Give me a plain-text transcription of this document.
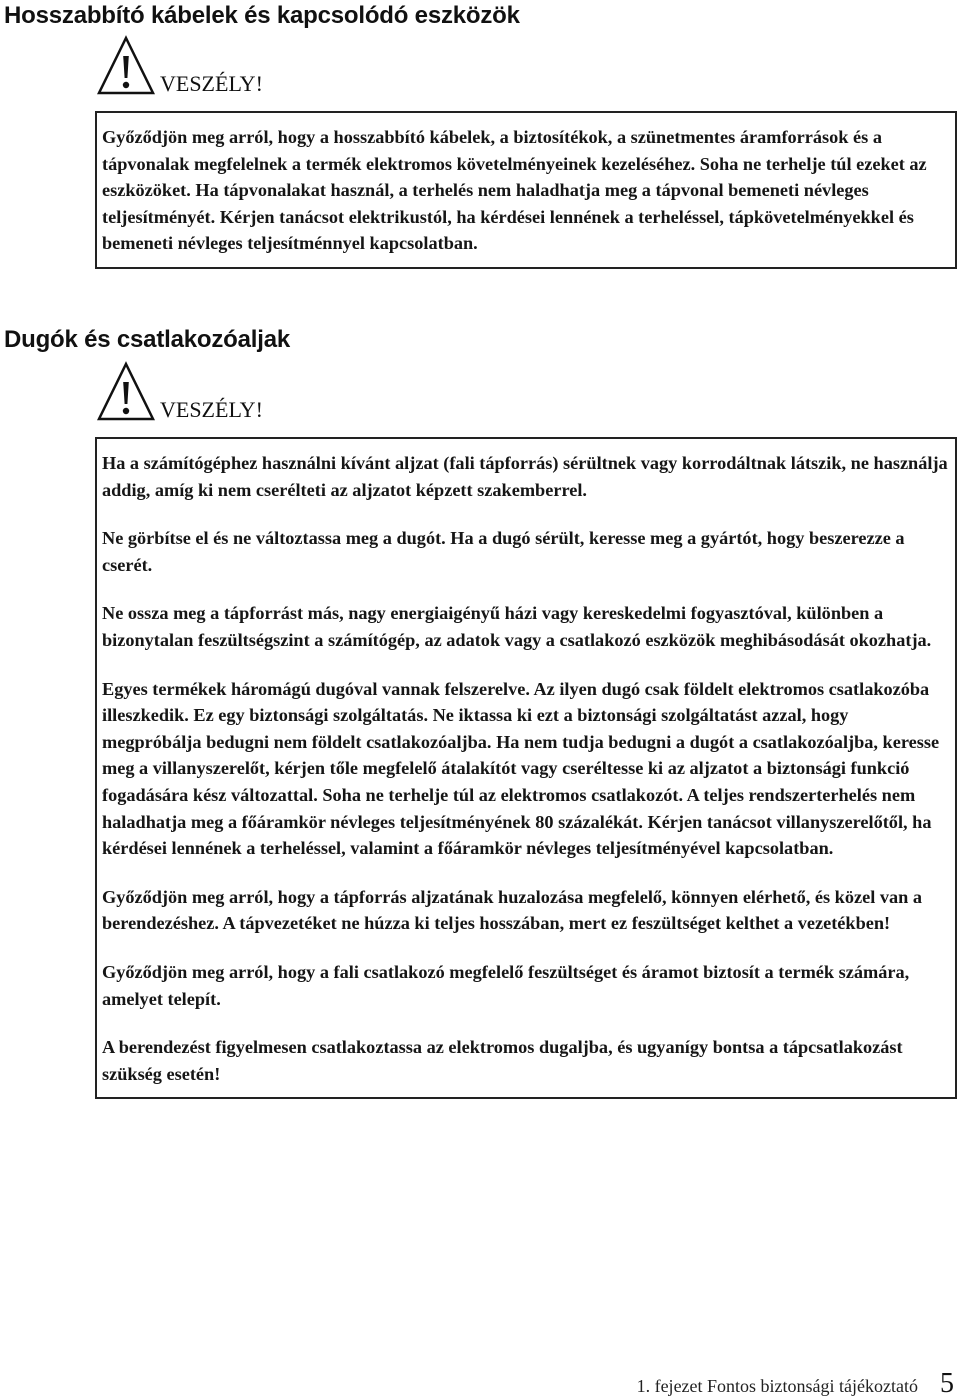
Hosszabbító kábelek és kapcsolódó eszközök
VESZÉLY!

Győződjön meg arról, hogy a hosszabbító kábelek, a biztosítékok, a szünetmentes áramforrások és a tápvonalak megfelelnek a termék elektromos követelményeinek kezeléséhez. Soha ne terhelje túl ezeket az eszközöket. Ha tápvonalakat használ, a terhelés nem haladhatja meg a tápvonal bemeneti névleges teljesítményét. Kérjen tanácsot elektrikustól, ha kérdései lennének a terheléssel, tápkövetelményekkel és bemeneti névleges teljesítménnyel kapcsolatban.

Dugók és csatlakozóaljak
VESZÉLY!

Ha a számítógéphez használni kívánt aljzat (fali tápforrás) sérültnek vagy korrodáltnak látszik, ne használja addig, amíg ki nem cserélteti az aljzatot képzett szakemberrel.

Ne görbítse el és ne változtassa meg a dugót. Ha a dugó sérült, keresse meg a gyártót, hogy beszerezze a cserét.

Ne ossza meg a tápforrást más, nagy energiaigényű házi vagy kereskedelmi fogyasztóval, különben a bizonytalan feszültségszint a számítógép, az adatok vagy a csatlakozó eszközök meghibásodását okozhatja.

Egyes termékek háromágú dugóval vannak felszerelve. Az ilyen dugó csak földelt elektromos csatlakozóba illeszkedik. Ez egy biztonsági szolgáltatás. Ne iktassa ki ezt a biztonsági szolgáltatást azzal, hogy megpróbálja bedugni nem földelt csatlakozóaljba. Ha nem tudja bedugni a dugót a csatlakozóaljba, keresse meg a villanyszerelőt, kérjen tőle megfelelő átalakítót vagy cseréltesse ki az aljzatot a biztonsági funkció fogadására kész változattal. Soha ne terhelje túl az elektromos csatlakozót. A teljes rendszerterhelés nem haladhatja meg a főáramkör névleges teljesítményének 80 százalékát. Kérjen tanácsot villanyszerelőtől, ha kérdései lennének a terheléssel, valamint a főáramkör névleges teljesítményével kapcsolatban.

Győződjön meg arról, hogy a tápforrás aljzatának huzalozása megfelelő, könnyen elérhető, és közel van a berendezéshez. A tápvezetéket ne húzza ki teljes hosszában, mert ez feszültséget kelthet a vezetékben!

Győződjön meg arról, hogy a fali csatlakozó megfelelő feszültséget és áramot biztosít a termék számára, amelyet telepít.

A berendezést figyelmesen csatlakoztassa az elektromos dugaljba, és ugyanígy bontsa a tápcsatlakozást szükség esetén!

1. fejezet Fontos biztonsági tájékoztató 5
